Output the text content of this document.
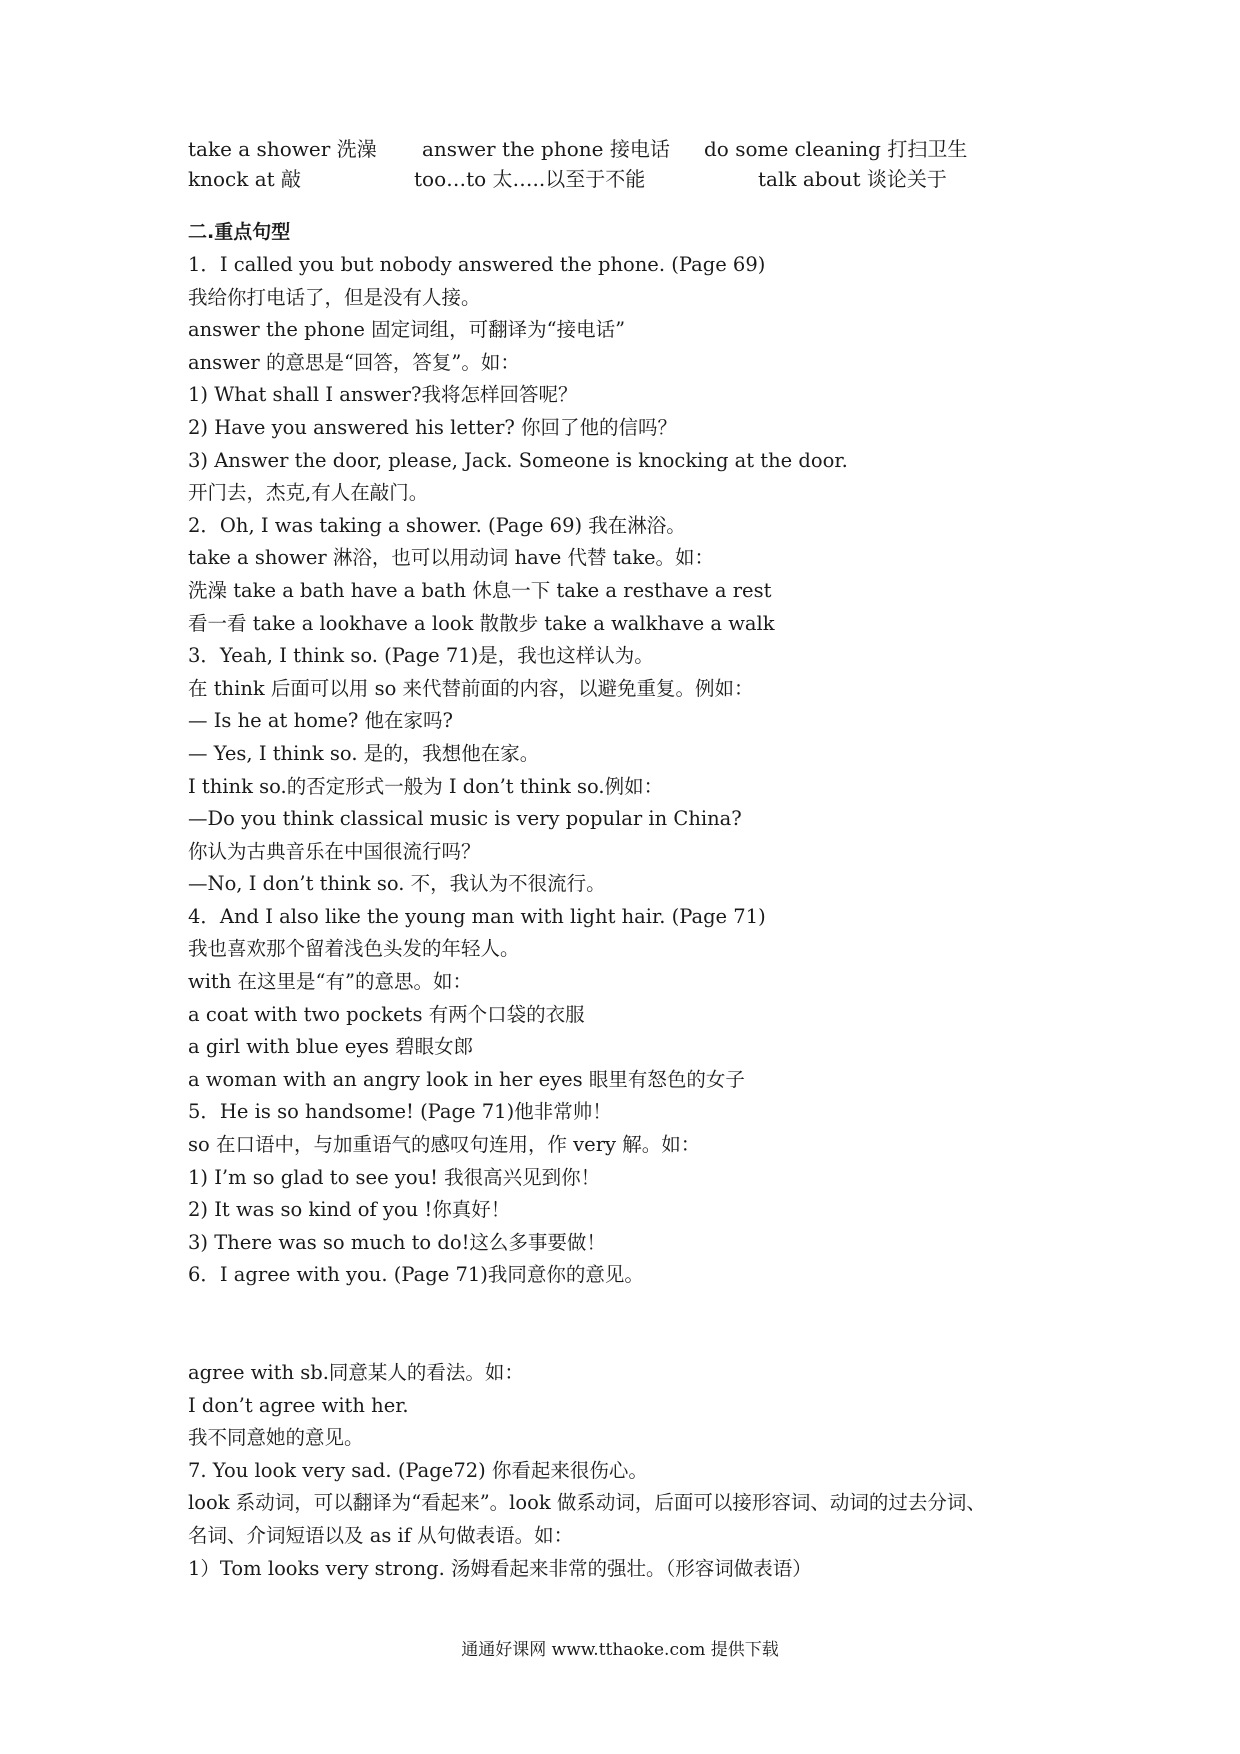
take a shower 洗澡 answer the phone 接电话 do some cleaning 打扫卫生
knock at 敲	too…to 太…..以至于不能	talk about 谈论关于
二.重点句型
1．I called you but nobody answered the phone. (Page 69)
我给你打电话了，但是没有人接。
answer the phone 固定词组，可翻译为“接电话”
answer 的意思是“回答，答复”。如：
1) What shall I answer?我将怎样回答呢？
2) Have you answered his letter? 你回了他的信吗？
3) Answer the door, please, Jack. Someone is knocking at the door.
开门去，杰克,有人在敲门。
2．Oh, I was taking a shower. (Page 69) 我在淋浴。
take a shower 淋浴，也可以用动词 have 代替 take。如：
洗澡 take a bath have a bath 休息一下 take a resthave a rest
看一看 take a lookhave a look 散散步 take a walkhave a walk
3．Yeah, I think so. (Page 71)是，我也这样认为。
在 think 后面可以用 so 来代替前面的内容，以避免重复。例如：
— Is he at home? 他在家吗?
— Yes, I think so. 是的，我想他在家。
I think so.的否定形式一般为 I don’t think so.例如：
—Do you think classical music is very popular in China?
你认为古典音乐在中国很流行吗？
—No, I don’t think so. 不，我认为不很流行。
4．And I also like the young man with light hair. (Page 71)
我也喜欢那个留着浅色头发的年轻人。
with 在这里是“有”的意思。如：
a coat with two pockets 有两个口袋的衣服
a girl with blue eyes 碧眼女郎
a woman with an angry look in her eyes 眼里有怒色的女子
5．He is so handsome! (Page 71)他非常帅！
so 在口语中，与加重语气的感叹句连用，作 very 解。如：
1) I’m so glad to see you! 我很高兴见到你！
2) It was so kind of you !你真好！
3) There was so much to do!这么多事要做！
6．I agree with you. (Page 71)我同意你的意见。
agree with sb.同意某人的看法。如：
I don’t agree with her.
我不同意她的意见。
7. You look very sad. (Page72) 你看起来很伤心。
look 系动词，可以翻译为“看起来”。look 做系动词，后面可以接形容词、动词的过去分词、
名词、介词短语以及 as if 从句做表语。如：
1）Tom looks very strong. 汤姆看起来非常的强壮。（形容词做表语）
通通好课网 www.tthaoke.com 提供下载
